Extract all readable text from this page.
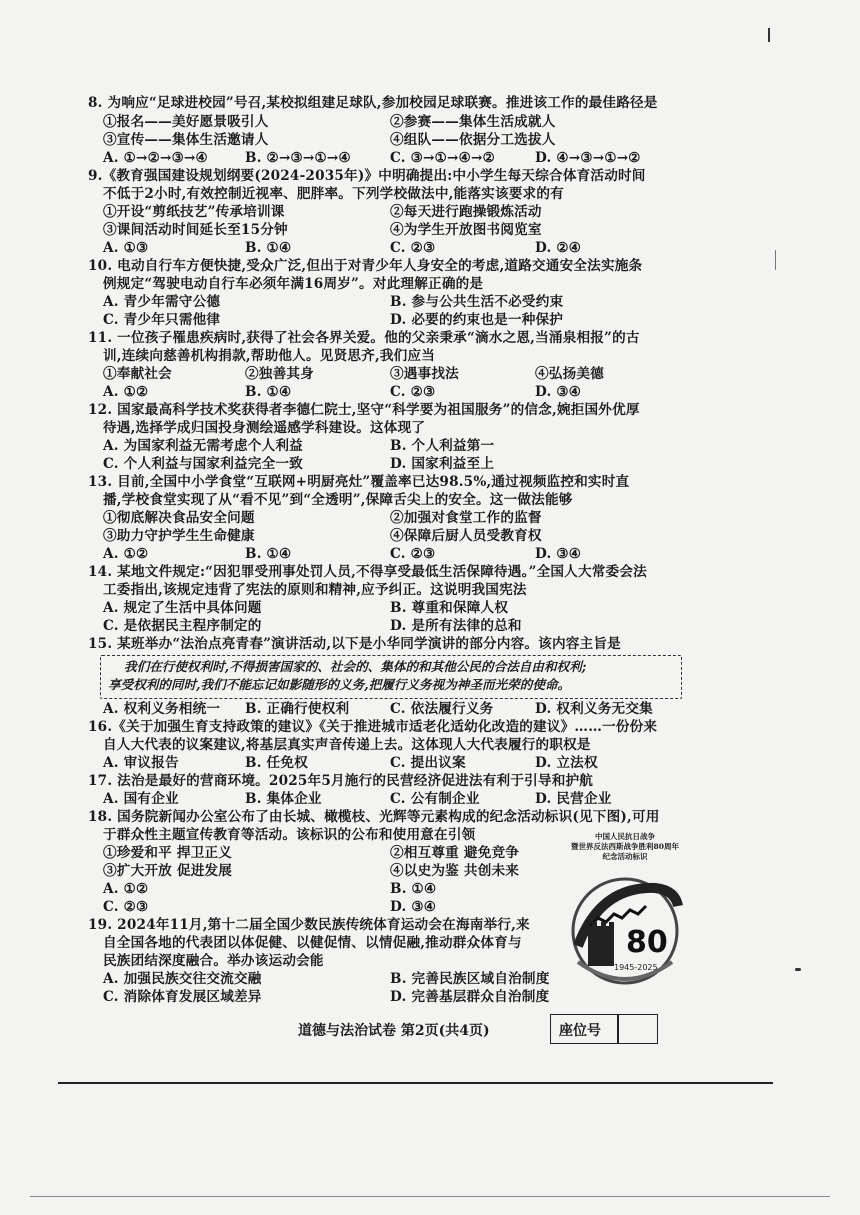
8. 为响应“足球进校园”号召,某校拟组建足球队,参加校园足球联赛。推进该工作的最佳路径是
①报名——美好愿景吸引人	②参赛——集体生活成就人
③宣传——集体生活邀请人	④组队——依据分工选拔人
A. ①→②→③→④	B. ②→③→①→④	C. ③→①→④→②	D. ④→③→①→②
9.《教育强国建设规划纲要(2024-2035年)》中明确提出:中小学生每天综合体育活动时间
不低于2小时,有效控制近视率、肥胖率。下列学校做法中,能落实该要求的有
①开设“剪纸技艺”传承培训课	②每天进行跑操锻炼活动
③课间活动时间延长至15分钟	④为学生开放图书阅览室
A. ①③	B. ①④	C. ②③	D. ②④
10. 电动自行车方便快捷,受众广泛,但出于对青少年人身安全的考虑,道路交通安全法实施条
例规定“驾驶电动自行车必须年满16周岁”。对此理解正确的是
A. 青少年需守公德	B. 参与公共生活不必受约束
C. 青少年只需他律	D. 必要的约束也是一种保护
11. 一位孩子罹患疾病时,获得了社会各界关爱。他的父亲秉承“滴水之恩,当涌泉相报”的古
训,连续向慈善机构捐款,帮助他人。见贤思齐,我们应当
①奉献社会	②独善其身	③遇事找法	④弘扬美德
A. ①②	B. ①④	C. ②③	D. ③④
12. 国家最高科学技术奖获得者李德仁院士,坚守“科学要为祖国服务”的信念,婉拒国外优厚
待遇,选择学成归国投身测绘遥感学科建设。这体现了
A. 为国家利益无需考虑个人利益	B. 个人利益第一
C. 个人利益与国家利益完全一致	D. 国家利益至上
13. 目前,全国中小学食堂“互联网+明厨亮灶”覆盖率已达98.5%,通过视频监控和实时直
播,学校食堂实现了从“看不见”到“全透明”,保障舌尖上的安全。这一做法能够
①彻底解决食品安全问题	②加强对食堂工作的监督
③助力守护学生生命健康	④保障后厨人员受教育权
A. ①②	B. ①④	C. ②③	D. ③④
14. 某地文件规定:“因犯罪受刑事处罚人员,不得享受最低生活保障待遇。”全国人大常委会法
工委指出,该规定违背了宪法的原则和精神,应予纠正。这说明我国宪法
A. 规定了生活中具体问题	B. 尊重和保障人权
C. 是依据民主程序制定的	D. 是所有法律的总和
15. 某班举办“法治点亮青春”演讲活动,以下是小华同学演讲的部分内容。该内容主旨是
我们在行使权利时,不得损害国家的、社会的、集体的和其他公民的合法自由和权利;
享受权利的同时,我们不能忘记如影随形的义务,把履行义务视为神圣而光荣的使命。
A. 权利义务相统一 B. 正确行使权利	C. 依法履行义务	D. 权利义务无交集
16.《关于加强生育支持政策的建议》《关于推进城市适老化适幼化改造的建议》……一份份来
自人大代表的议案建议,将基层真实声音传递上去。这体现人大代表履行的职权是
A. 审议报告	B. 任免权	C. 提出议案	D. 立法权
17. 法治是最好的营商环境。2025年5月施行的民营经济促进法有利于引导和护航
A. 国有企业	B. 集体企业	C. 公有制企业	D. 民营企业
18. 国务院新闻办公室公布了由长城、橄榄枝、光辉等元素构成的纪念活动标识(见下图),可用
于群众性主题宣传教育等活动。该标识的公布和使用意在引领
①珍爱和平 捍卫正义	②相互尊重 避免竞争
③扩大开放 促进发展	④以史为鉴 共创未来
A. ①②	B. ①④
C. ②③	D. ③④
中国人民抗日战争
暨世界反法西斯战争胜利80周年
纪念活动标识
80
1945-2025
19. 2024年11月,第十二届全国少数民族传统体育运动会在海南举行,来
自全国各地的代表团以体促健、以健促情、以情促融,推动群众体育与
民族团结深度融合。举办该运动会能
A. 加强民族交往交流交融	B. 完善民族区域自治制度
C. 消除体育发展区域差异	D. 完善基层群众自治制度
道德与法治试卷 第2页(共4页)	座位号
